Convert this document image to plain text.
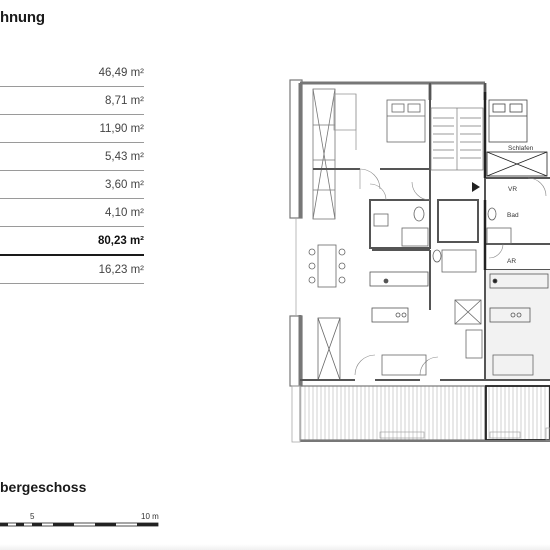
hnung
46,49 m²
8,71 m²
11,90 m²
5,43 m²
3,60 m²
4,10 m²
80,23 m²
16,23 m²
bergeschoss
5	10 m
Schlafen
VR
Bad
AR
